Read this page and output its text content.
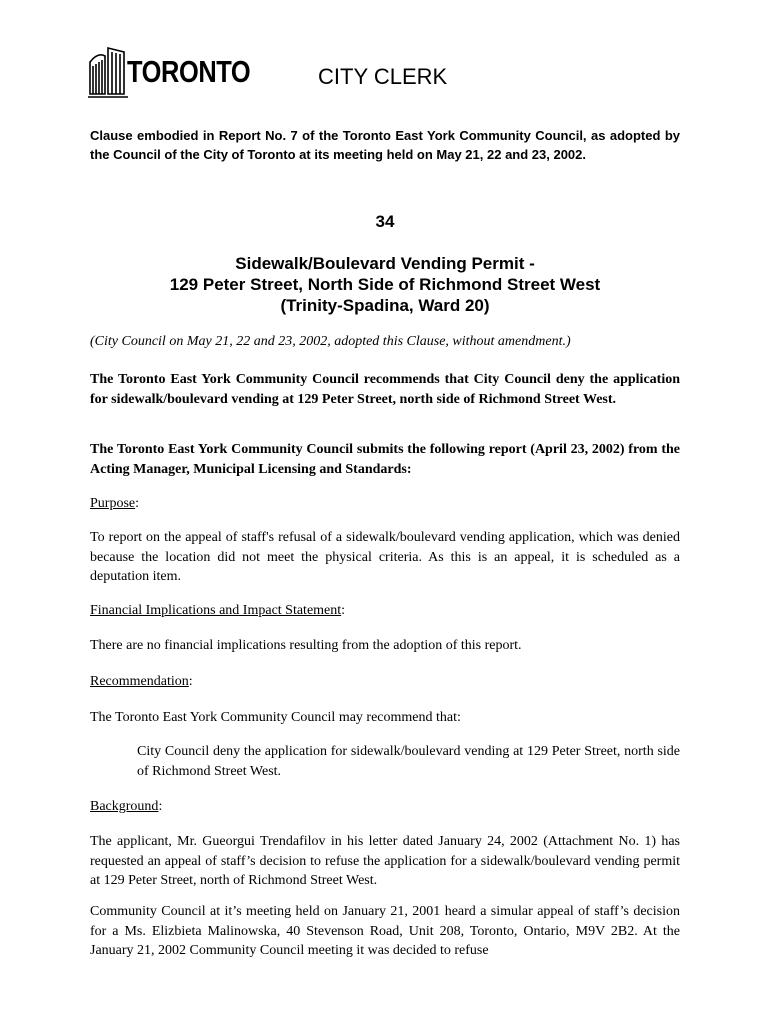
TORONTO	CITY CLERK
Clause embodied in Report No. 7 of the Toronto East York Community Council, as adopted by the Council of the City of Toronto at its meeting held on May 21, 22 and 23, 2002.
34
Sidewalk/Boulevard Vending Permit -
129 Peter Street, North Side of Richmond Street West
(Trinity-Spadina, Ward 20)
(City Council on May 21, 22 and 23, 2002, adopted this Clause, without amendment.)
The Toronto East York Community Council recommends that City Council deny the application for sidewalk/boulevard vending at 129 Peter Street, north side of Richmond Street West.
The Toronto East York Community Council submits the following report (April 23, 2002) from the Acting Manager, Municipal Licensing and Standards:
Purpose:
To report on the appeal of staff's refusal of a sidewalk/boulevard vending application, which was denied because the location did not meet the physical criteria. As this is an appeal, it is scheduled as a deputation item.
Financial Implications and Impact Statement:
There are no financial implications resulting from the adoption of this report.
Recommendation:
The Toronto East York Community Council may recommend that:
City Council deny the application for sidewalk/boulevard vending at 129 Peter Street, north side of Richmond Street West.
Background:
The applicant, Mr. Gueorgui Trendafilov in his letter dated January 24, 2002 (Attachment No. 1) has requested an appeal of staff’s decision to refuse the application for a sidewalk/boulevard vending permit at 129 Peter Street, north of Richmond Street West.
Community Council at it’s meeting held on January 21, 2001 heard a simular appeal of staff’s decision for a Ms. Elizbieta Malinowska, 40 Stevenson Road, Unit 208, Toronto, Ontario, M9V 2B2. At the January 21, 2002 Community Council meeting it was decided to refuse
